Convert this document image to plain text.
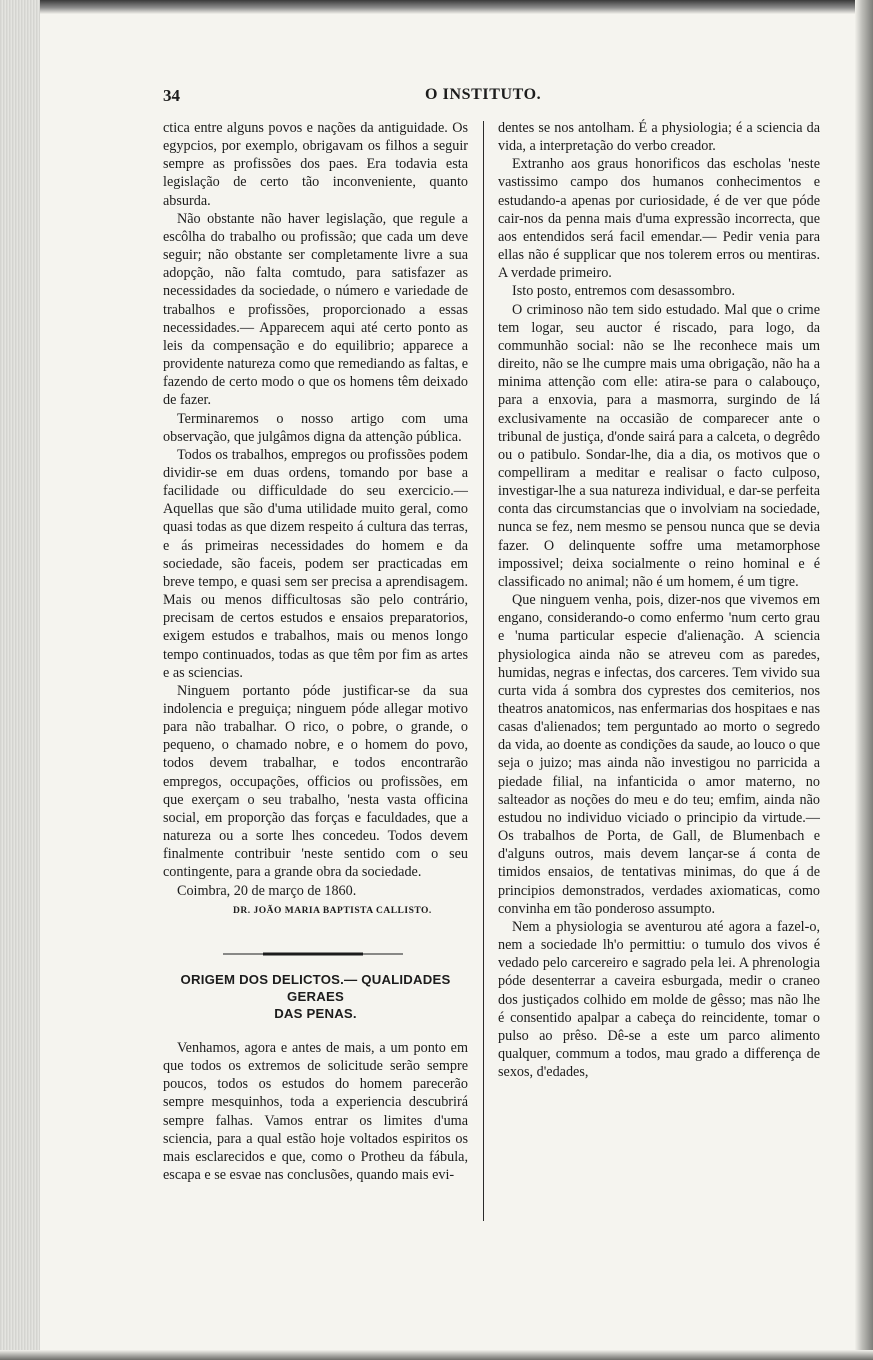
34	O INSTITUTO.

ctica entre alguns povos e nações da antiguidade. Os egypcios, por exemplo, obrigavam os filhos a seguir sempre as profissões dos paes. Era todavia esta legislação de certo tão inconveniente, quanto absurda.

Não obstante não haver legislação, que regule a escôlha do trabalho ou profissão; que cada um deve seguir; não obstante ser completamente livre a sua adopção, não falta comtudo, para satisfazer as necessidades da sociedade, o número e variedade de trabalhos e profissões, proporcionado a essas necessidades.— Apparecem aqui até certo ponto as leis da compensação e do equilibrio; apparece a providente natureza como que remediando as faltas, e fazendo de certo modo o que os homens têm deixado de fazer.

Terminaremos o nosso artigo com uma observação, que julgâmos digna da attenção pública.

Todos os trabalhos, empregos ou profissões podem dividir-se em duas ordens, tomando por base a facilidade ou difficuldade do seu exercicio.— Aquellas que são d'uma utilidade muito geral, como quasi todas as que dizem respeito á cultura das terras, e ás primeiras necessidades do homem e da sociedade, são faceis, podem ser practicadas em breve tempo, e quasi sem ser precisa a aprendisagem. Mais ou menos difficultosas são pelo contrário, precisam de certos estudos e ensaios preparatorios, exigem estudos e trabalhos, mais ou menos longo tempo continuados, todas as que têm por fim as artes e as sciencias.

Ninguem portanto póde justificar-se da sua indolencia e preguiça; ninguem póde allegar motivo para não trabalhar. O rico, o pobre, o grande, o pequeno, o chamado nobre, e o homem do povo, todos devem trabalhar, e todos encontrarão empregos, occupações, officios ou profissões, em que exerçam o seu trabalho, 'nesta vasta officina social, em proporção das forças e faculdades, que a natureza ou a sorte lhes concedeu. Todos devem finalmente contribuir 'neste sentido com o seu contingente, para a grande obra da sociedade.

Coimbra, 20 de março de 1860.

DR. JOÃO MARIA BAPTISTA CALLISTO.
ORIGEM DOS DELICTOS.— QUALIDADES GERAES
DAS PENAS.

Venhamos, agora e antes de mais, a um ponto em que todos os extremos de solicitude serão sempre poucos, todos os estudos do homem parecerão sempre mesquinhos, toda a experiencia descubrirá sempre falhas. Vamos entrar os limites d'uma sciencia, para a qual estão hoje voltados espiritos os mais esclarecidos e que, como o Protheu da fábula, escapa e se esvae nas conclusões, quando mais evi-

dentes se nos antolham. É a physiologia; é a sciencia da vida, a interpretação do verbo creador.

Extranho aos graus honorificos das escholas 'neste vastissimo campo dos humanos conhecimentos e estudando-a apenas por curiosidade, é de ver que póde cair-nos da penna mais d'uma expressão incorrecta, que aos entendidos será facil emendar.— Pedir venia para ellas não é supplicar que nos tolerem erros ou mentiras. A verdade primeiro.

Isto posto, entremos com desassombro.

O criminoso não tem sido estudado. Mal que o crime tem logar, seu auctor é riscado, para logo, da communhão social: não se lhe reconhece mais um direito, não se lhe cumpre mais uma obrigação, não ha a minima attenção com elle: atira-se para o calabouço, para a enxovia, para a masmorra, surgindo de lá exclusivamente na occasião de comparecer ante o tribunal de justiça, d'onde sairá para a calceta, o degrêdo ou o patibulo. Sondar-lhe, dia a dia, os motivos que o compelliram a meditar e realisar o facto culposo, investigar-lhe a sua natureza individual, e dar-se perfeita conta das circumstancias que o involviam na sociedade, nunca se fez, nem mesmo se pensou nunca que se devia fazer. O delinquente soffre uma metamorphose impossivel; deixa socialmente o reino hominal e é classificado no animal; não é um homem, é um tigre.

Que ninguem venha, pois, dizer-nos que vivemos em engano, considerando-o como enfermo 'num certo grau e 'numa particular especie d'alienação. A sciencia physiologica ainda não se atreveu com as paredes, humidas, negras e infectas, dos carceres. Tem vivido sua curta vida á sombra dos cyprestes dos cemiterios, nos theatros anatomicos, nas enfermarias dos hospitaes e nas casas d'alienados; tem perguntado ao morto o segredo da vida, ao doente as condições da saude, ao louco o que seja o juizo; mas ainda não investigou no parricida a piedade filial, na infanticida o amor materno, no salteador as noções do meu e do teu; emfim, ainda não estudou no individuo viciado o principio da virtude.—Os trabalhos de Porta, de Gall, de Blumenbach e d'alguns outros, mais devem lançar-se á conta de timidos ensaios, de tentativas minimas, do que á de principios demonstrados, verdades axiomaticas, como convinha em tão ponderoso assumpto.

Nem a physiologia se aventurou até agora a fazel-o, nem a sociedade lh'o permittiu: o tumulo dos vivos é vedado pelo carcereiro e sagrado pela lei. A phrenologia póde desenterrar a caveira esburgada, medir o craneo dos justiçados colhido em molde de gêsso; mas não lhe é consentido apalpar a cabeça do reincidente, tomar o pulso ao prêso. Dê-se a este um parco alimento qualquer, commum a todos, mau grado a differença de sexos, d'edades,
